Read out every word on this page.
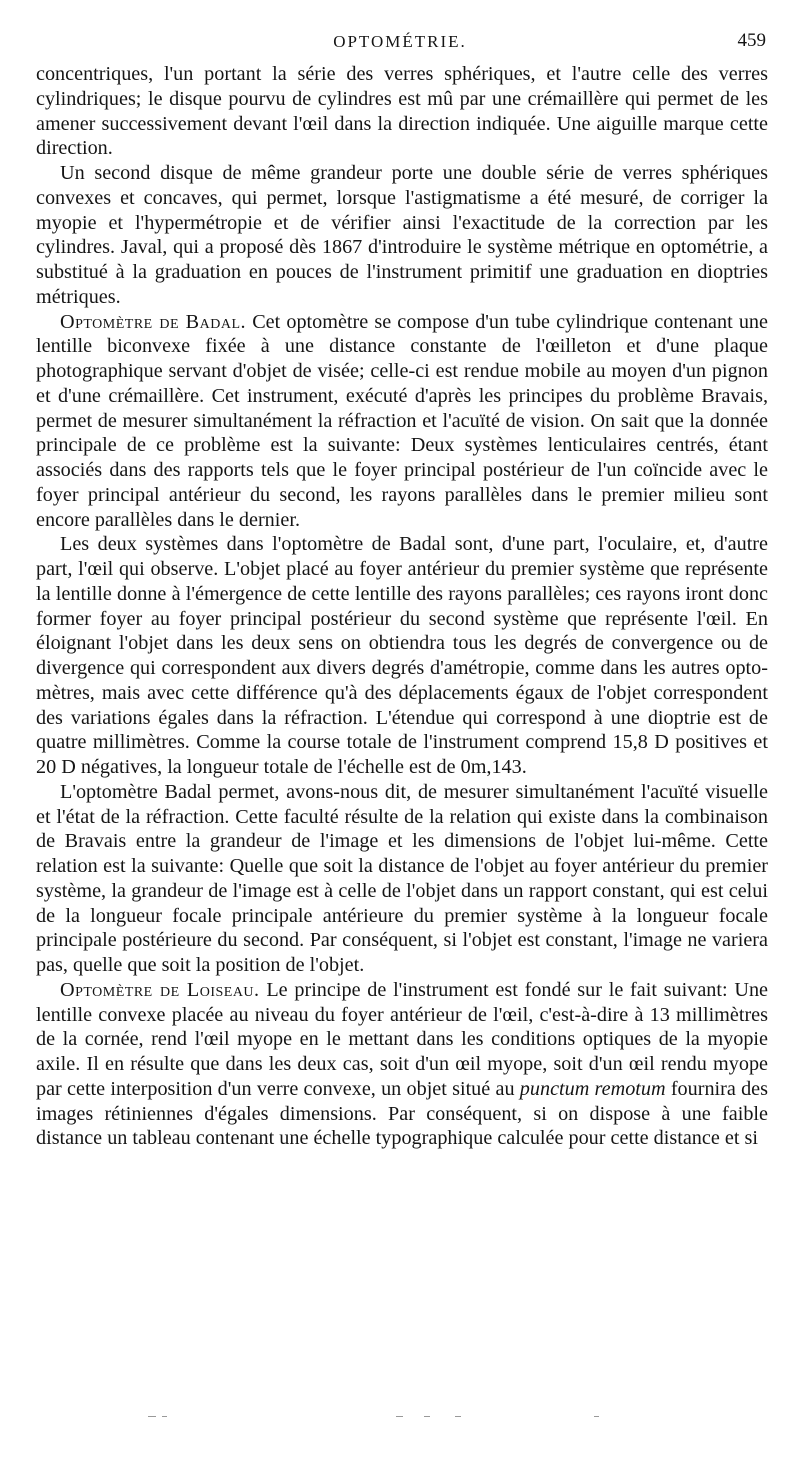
OPTOMÉTRIE.	459

concentriques, l'un portant la série des verres sphériques, et l'autre celle des verres cylindriques; le disque pourvu de cylindres est mû par une crémaillère qui permet de les amener successivement devant l'œil dans la direction indiquée. Une aiguille marque cette direction.

Un second disque de même grandeur porte une double série de verres sphériques convexes et concaves, qui permet, lorsque l'astigmatisme a été mesuré, de corriger la myopie et l'hypermétropie et de vérifier ainsi l'exactitude de la correction par les cylindres. Javal, qui a proposé dès 1867 d'introduire le système métrique en optométrie, a substitué à la graduation en pouces de l'instrument primitif une graduation en dioptries métriques.

Optomètre de Badal. Cet optomètre se compose d'un tube cylindrique contenant une lentille biconvexe fixée à une distance constante de l'œilleton et d'une plaque photographique servant d'objet de visée; celle-ci est rendue mobile au moyen d'un pignon et d'une crémaillère. Cet instrument, exécuté d'après les principes du problème Bravais, permet de mesurer simultanément la réfraction et l'acuïté de vision. On sait que la donnée principale de ce problème est la suivante: Deux systèmes lenticulaires centrés, étant associés dans des rapports tels que le foyer principal postérieur de l'un coïncide avec le foyer principal antérieur du second, les rayons parallèles dans le premier milieu sont encore parallèles dans le dernier.

Les deux systèmes dans l'optomètre de Badal sont, d'une part, l'oculaire, et, d'autre part, l'œil qui observe. L'objet placé au foyer antérieur du premier système que représente la lentille donne à l'émergence de cette lentille des rayons parallèles; ces rayons iront donc former foyer au foyer principal postérieur du second système que représente l'œil. En éloignant l'objet dans les deux sens on obtiendra tous les degrés de convergence ou de divergence qui correspondent aux divers degrés d'amétropie, comme dans les autres optomètres, mais avec cette différence qu'à des déplacements égaux de l'objet correspondent des variations égales dans la réfraction. L'étendue qui correspond à une dioptrie est de quatre millimètres. Comme la course totale de l'instrument comprend 15,8 D positives et 20 D négatives, la longueur totale de l'échelle est de 0m,143.

L'optomètre Badal permet, avons-nous dit, de mesurer simultanément l'acuïté visuelle et l'état de la réfraction. Cette faculté résulte de la relation qui existe dans la combinaison de Bravais entre la grandeur de l'image et les dimensions de l'objet lui-même. Cette relation est la suivante: Quelle que soit la distance de l'objet au foyer antérieur du premier système, la grandeur de l'image est à celle de l'objet dans un rapport constant, qui est celui de la longueur focale principale antérieure du premier système à la longueur focale principale postérieure du second. Par conséquent, si l'objet est constant, l'image ne variera pas, quelle que soit la position de l'objet.

Optomètre de Loiseau. Le principe de l'instrument est fondé sur le fait suivant: Une lentille convexe placée au niveau du foyer antérieur de l'œil, c'est-à-dire à 13 millimètres de la cornée, rend l'œil myope en le mettant dans les conditions optiques de la myopie axile. Il en résulte que dans les deux cas, soit d'un œil myope, soit d'un œil rendu myope par cette interposition d'un verre convexe, un objet situé au punctum remotum fournira des images rétiniennes d'égales dimensions. Par conséquent, si on dispose à une faible distance un tableau contenant une échelle typographique calculée pour cette distance et si
